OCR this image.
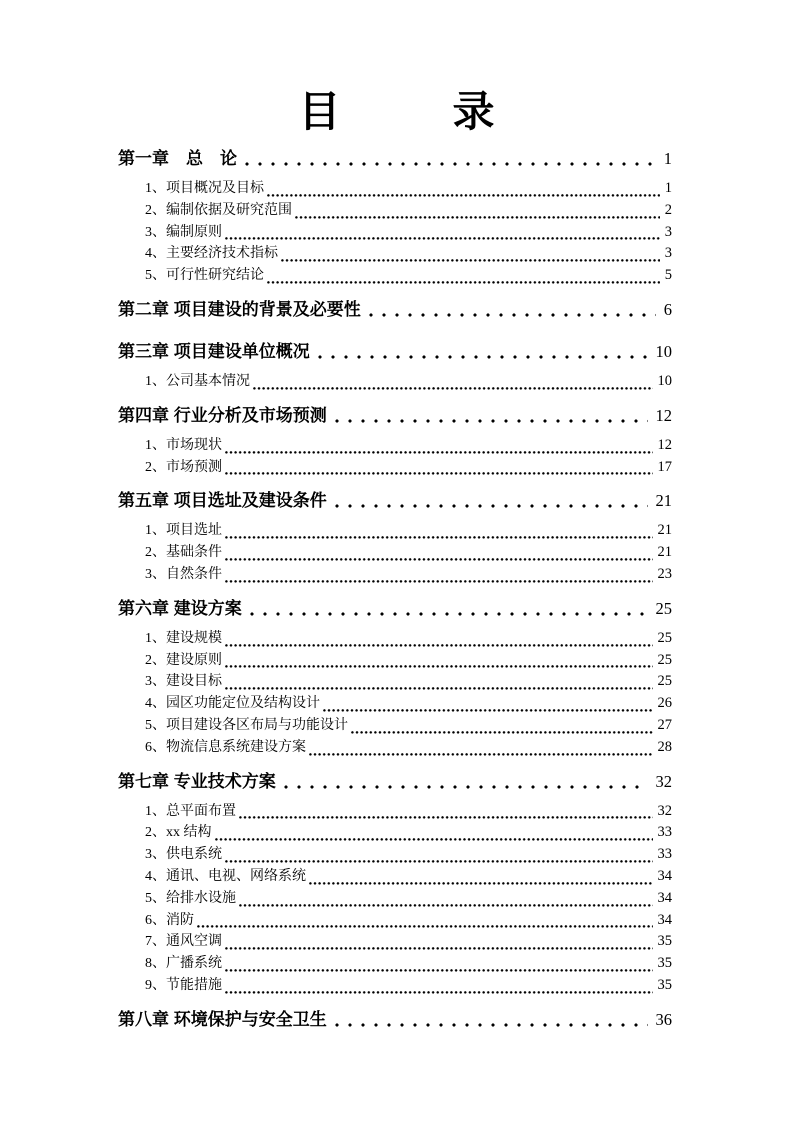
目	录
第一章　总　论	1
1、项目概况及目标	1
2、编制依据及研究范围	2
3、编制原则	3
4、主要经济技术指标	3
5、可行性研究结论	5
第二章 项目建设的背景及必要性	6
第三章 项目建设单位概况	10
1、公司基本情况	10
第四章 行业分析及市场预测	12
1、市场现状	12
2、市场预测	17
第五章 项目选址及建设条件	21
1、项目选址	21
2、基础条件	21
3、自然条件	23
第六章 建设方案	25
1、建设规模	25
2、建设原则	25
3、建设目标	25
4、园区功能定位及结构设计	26
5、项目建设各区布局与功能设计	27
6、物流信息系统建设方案	28
第七章 专业技术方案	32
1、总平面布置	32
2、xx 结构	33
3、供电系统	33
4、通讯、电视、网络系统	34
5、给排水设施	34
6、消防	34
7、通风空调	35
8、广播系统	35
9、节能措施	35
第八章 环境保护与安全卫生	36
